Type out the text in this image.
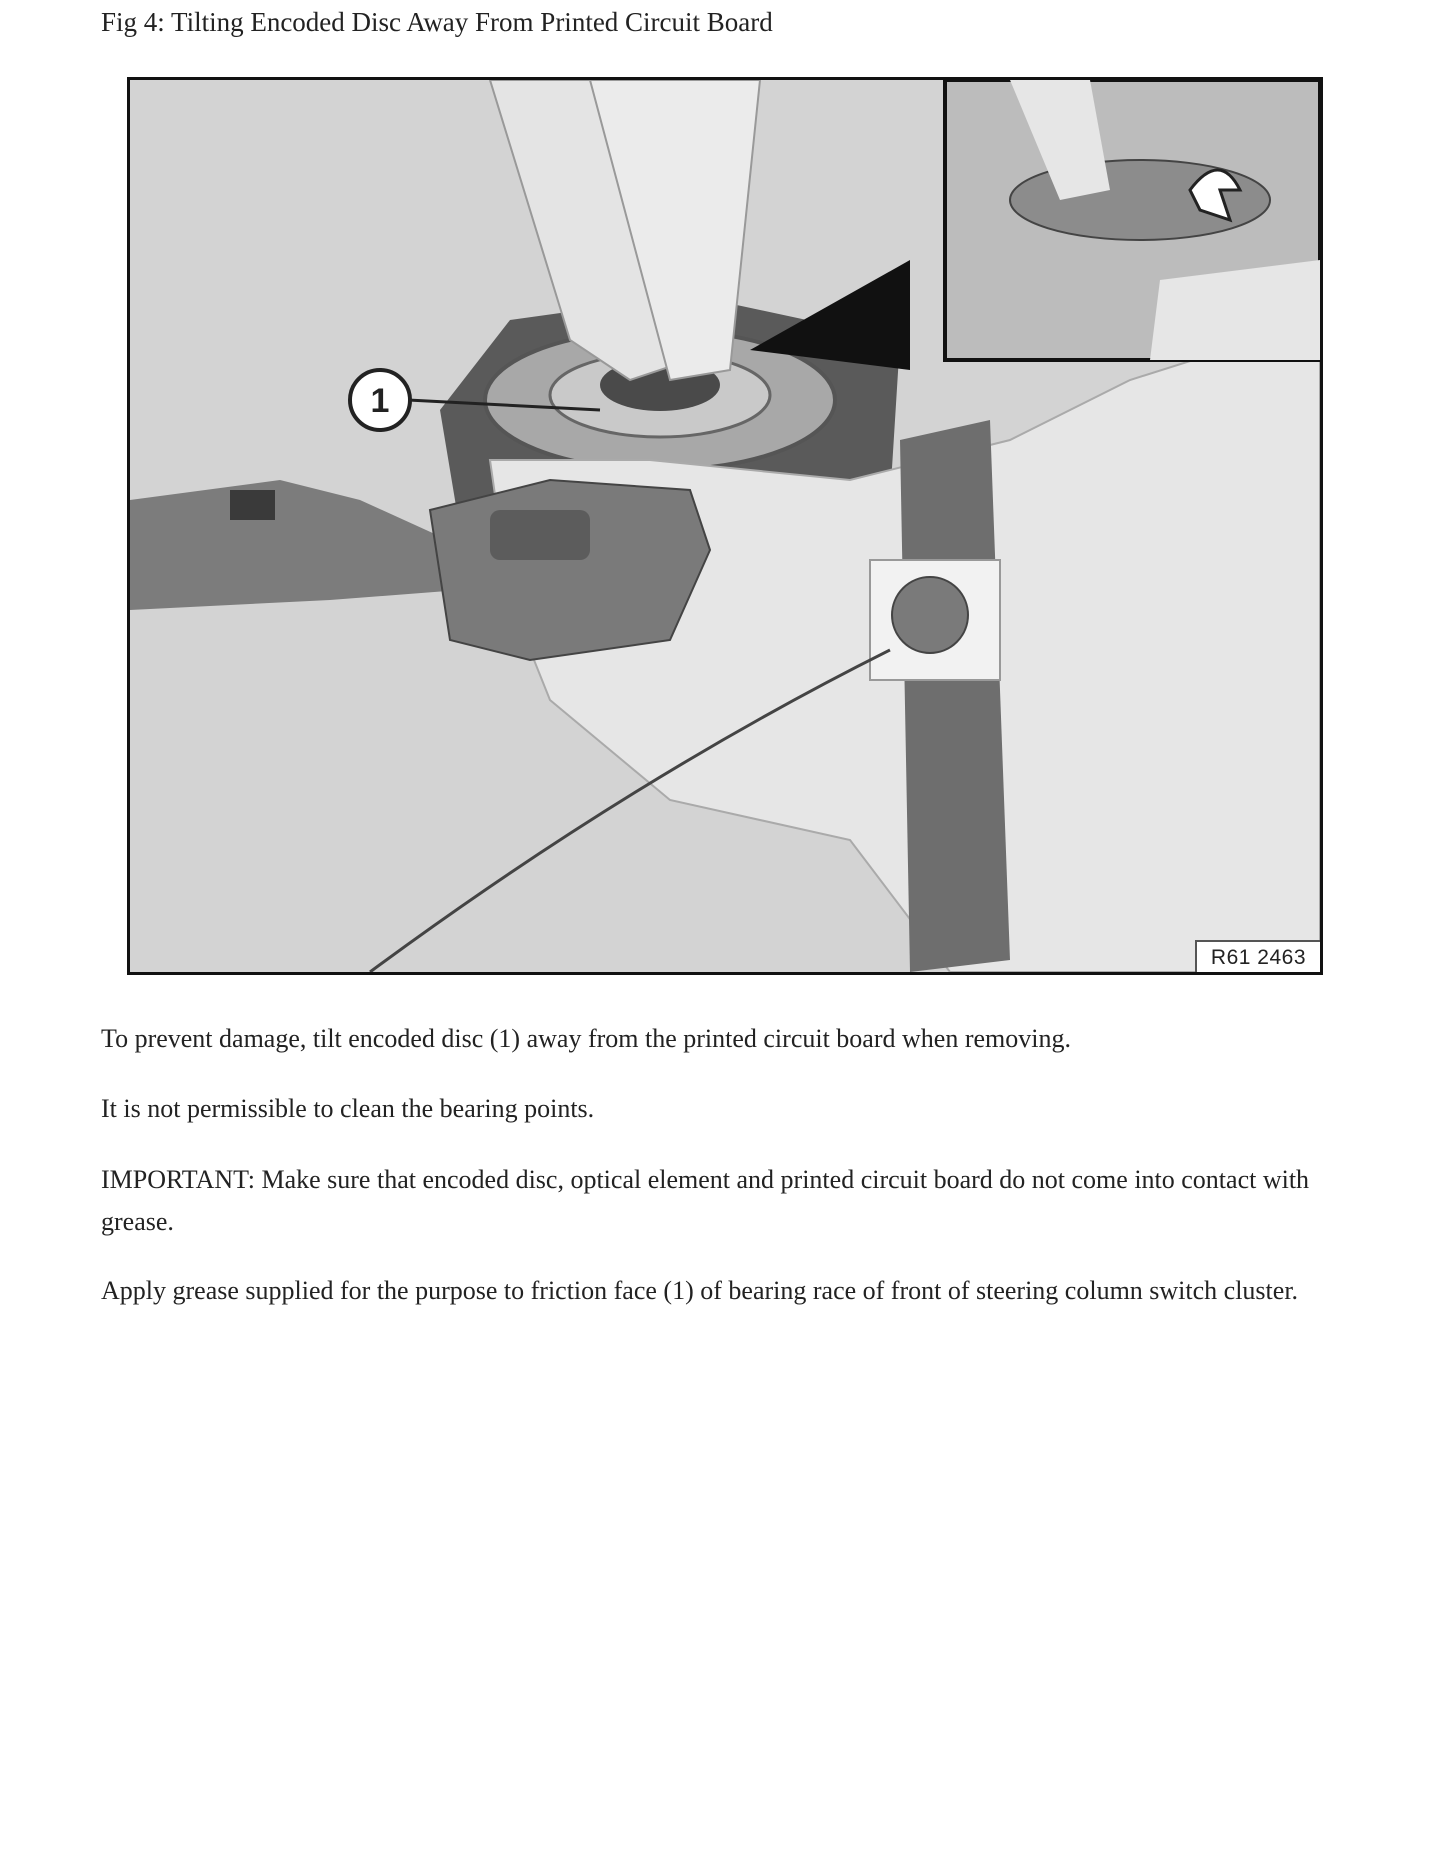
Fig 4: Tilting Encoded Disc Away From Printed Circuit Board
1
R61 2463

To prevent damage, tilt encoded disc (1) away from the printed circuit board when removing.

It is not permissible to clean the bearing points.

IMPORTANT: Make sure that encoded disc, optical element and printed circuit board do not come into contact with grease.

Apply grease supplied for the purpose to friction face (1) of bearing race of front of steering column switch cluster.
